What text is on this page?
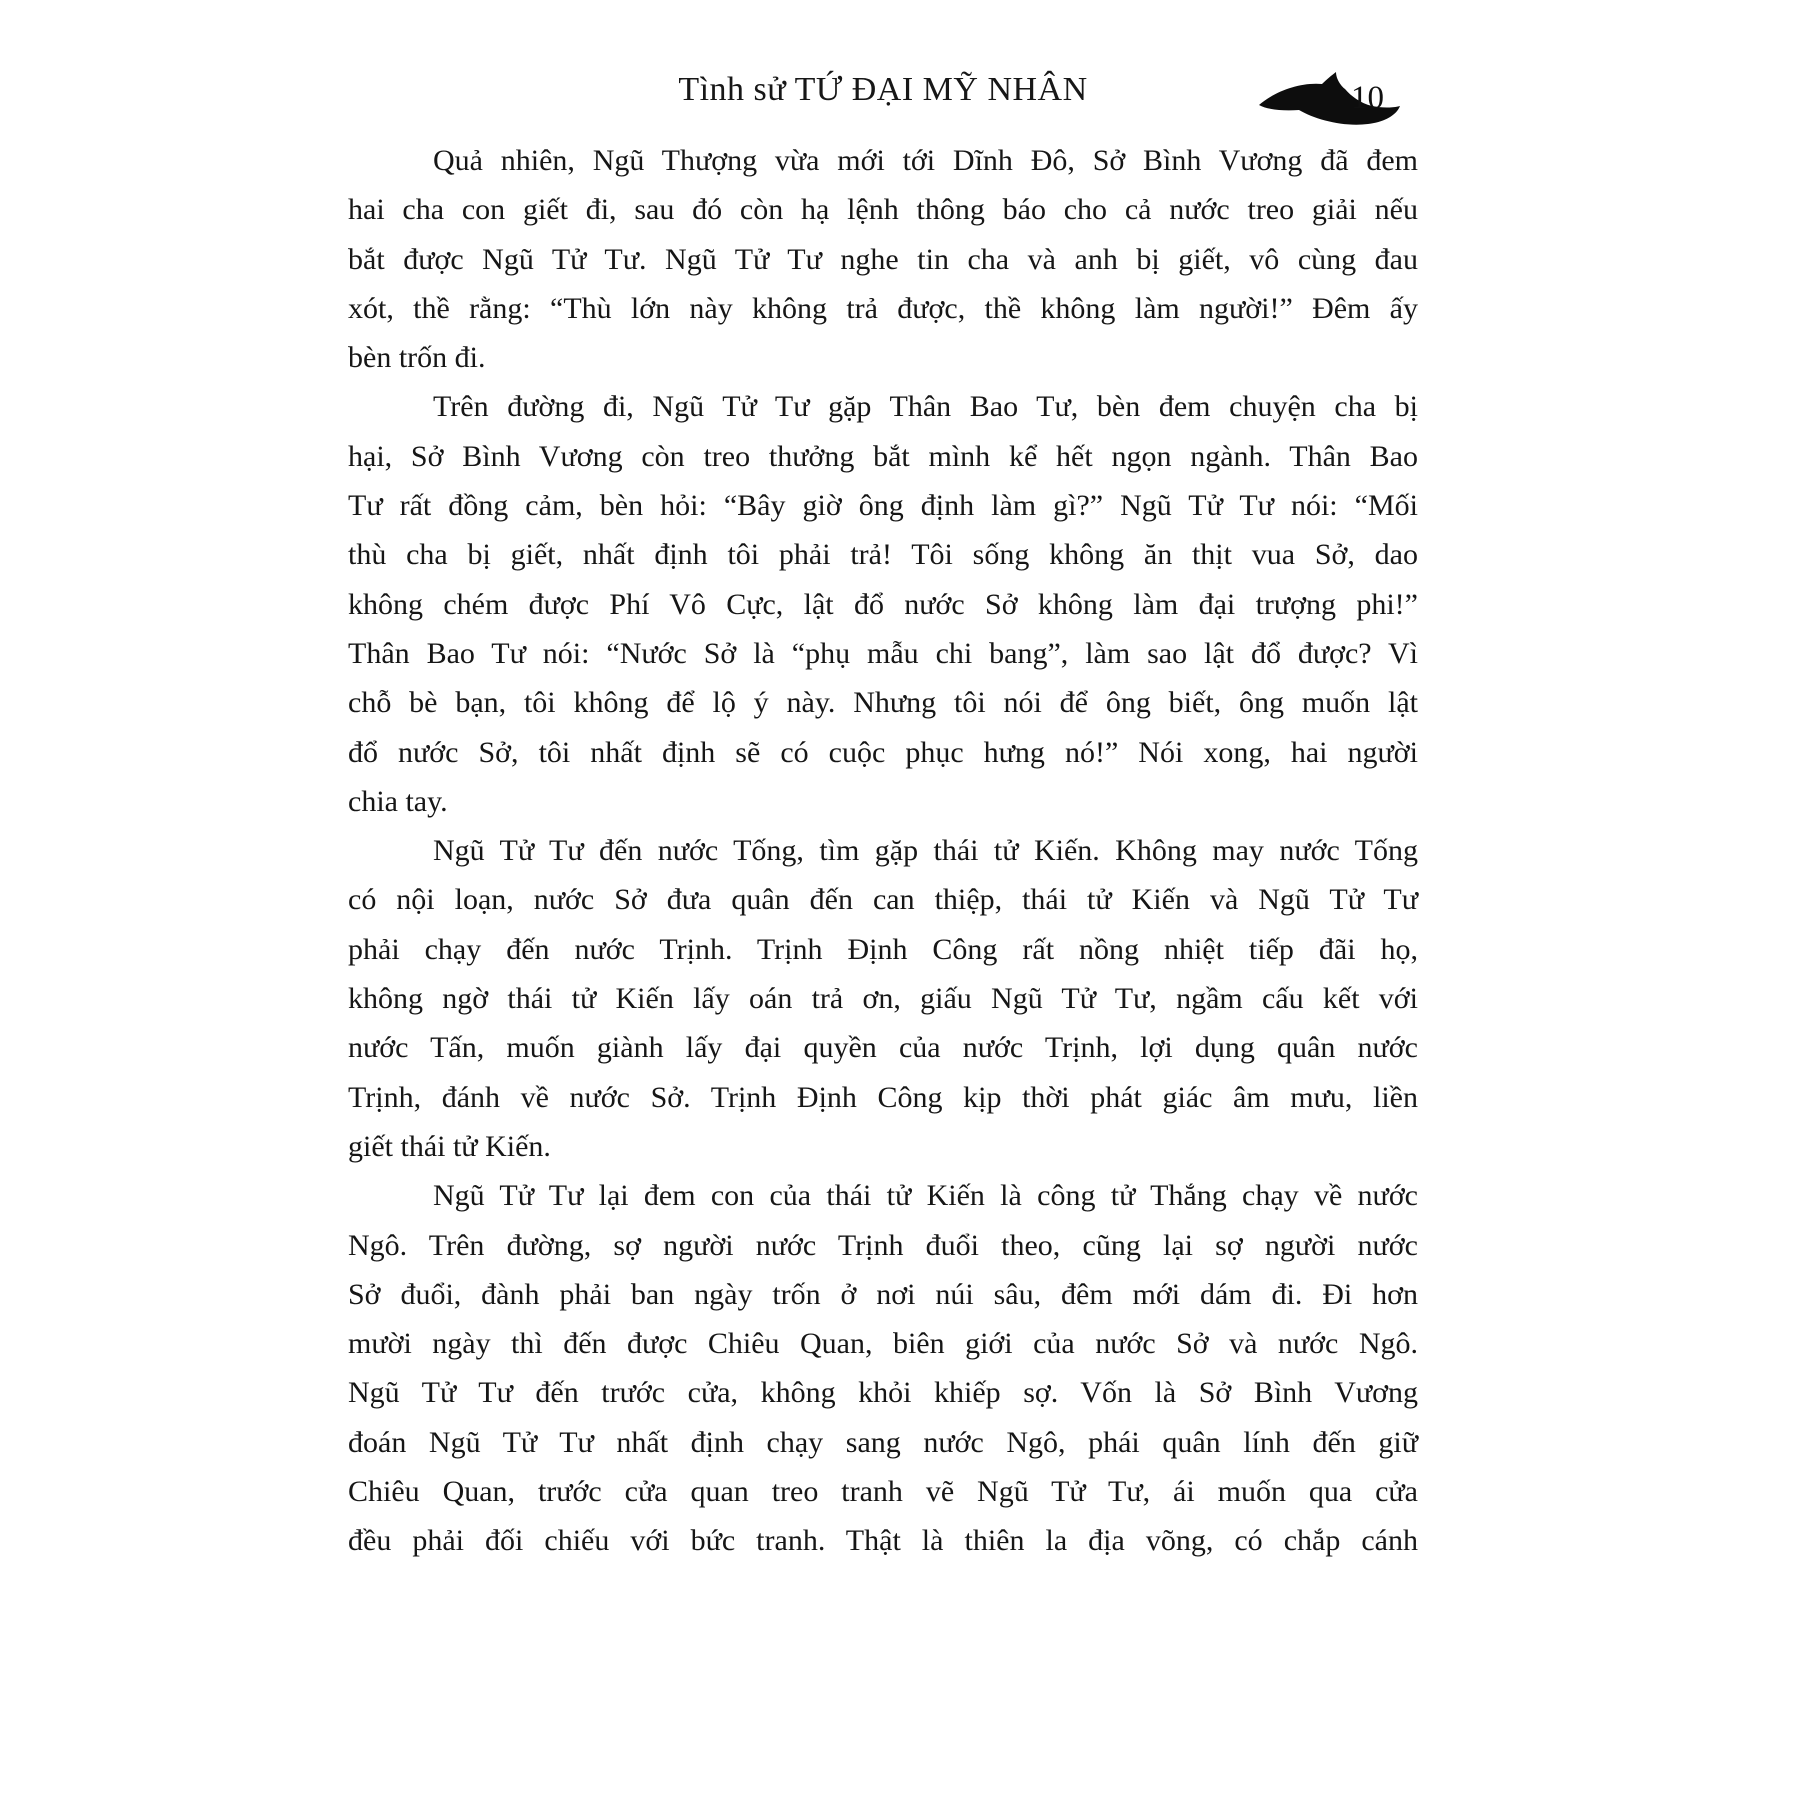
Tình sử TỨ ĐẠI MỸ NHÂN	10

Quả nhiên, Ngũ Thượng vừa mới tới Dĩnh Đô, Sở Bình Vương đã đem
hai cha con giết đi, sau đó còn hạ lệnh thông báo cho cả nước treo giải nếu
bắt được Ngũ Tử Tư. Ngũ Tử Tư nghe tin cha và anh bị giết, vô cùng đau
xót, thề rằng: “Thù lớn này không trả được, thề không làm người!” Đêm ấy
bèn trốn đi.

Trên đường đi, Ngũ Tử Tư gặp Thân Bao Tư, bèn đem chuyện cha bị
hại, Sở Bình Vương còn treo thưởng bắt mình kể hết ngọn ngành. Thân Bao
Tư rất đồng cảm, bèn hỏi: “Bây giờ ông định làm gì?” Ngũ Tử Tư nói: “Mối
thù cha bị giết, nhất định tôi phải trả! Tôi sống không ăn thịt vua Sở, dao
không chém được Phí Vô Cực, lật đổ nước Sở không làm đại trượng phi!”
Thân Bao Tư nói: “Nước Sở là “phụ mẫu chi bang”, làm sao lật đổ được? Vì
chỗ bè bạn, tôi không để lộ ý này. Nhưng tôi nói để ông biết, ông muốn lật
đổ nước Sở, tôi nhất định sẽ có cuộc phục hưng nó!” Nói xong, hai người
chia tay.

Ngũ Tử Tư đến nước Tống, tìm gặp thái tử Kiến. Không may nước Tống
có nội loạn, nước Sở đưa quân đến can thiệp, thái tử Kiến và Ngũ Tử Tư
phải chạy đến nước Trịnh. Trịnh Định Công rất nồng nhiệt tiếp đãi họ,
không ngờ thái tử Kiến lấy oán trả ơn, giấu Ngũ Tử Tư, ngầm cấu kết với
nước Tấn, muốn giành lấy đại quyền của nước Trịnh, lợi dụng quân nước
Trịnh, đánh về nước Sở. Trịnh Định Công kịp thời phát giác âm mưu, liền
giết thái tử Kiến.

Ngũ Tử Tư lại đem con của thái tử Kiến là công tử Thắng chạy về nước
Ngô. Trên đường, sợ người nước Trịnh đuổi theo, cũng lại sợ người nước
Sở đuổi, đành phải ban ngày trốn ở nơi núi sâu, đêm mới dám đi. Đi hơn
mười ngày thì đến được Chiêu Quan, biên giới của nước Sở và nước Ngô.
Ngũ Tử Tư đến trước cửa, không khỏi khiếp sợ. Vốn là Sở Bình Vương
đoán Ngũ Tử Tư nhất định chạy sang nước Ngô, phái quân lính đến giữ
Chiêu Quan, trước cửa quan treo tranh vẽ Ngũ Tử Tư, ái muốn qua cửa
đều phải đối chiếu với bức tranh. Thật là thiên la địa võng, có chắp cánh
